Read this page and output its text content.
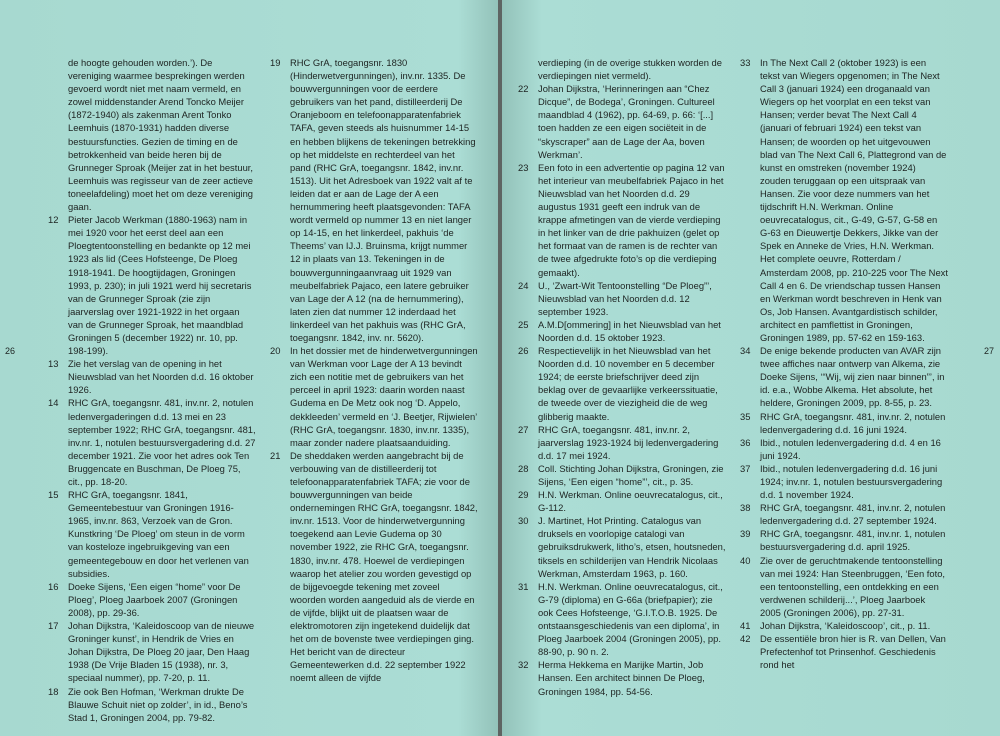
de hoogte gehouden worden.’). De vereniging waarmee besprekingen werden gevoerd wordt niet met naam vermeld, en zowel middenstander Arend Toncko Meijer (1872-1940) als zakenman Arent Tonko Leemhuis (1870-1931) hadden diverse bestuursfuncties. Gezien de timing en de betrokkenheid van beide heren bij de Grunneger Sproak (Meijer zat in het bestuur, Leemhuis was regisseur van de zeer actieve toneelafdeling) moet het om deze vereniging gaan.
12 Pieter Jacob Werkman (1880-1963) nam in mei 1920 voor het eerst deel aan een Ploegtentoonstelling en bedankte op 12 mei 1923 als lid (Cees Hofsteenge, De Ploeg 1918-1941. De hoogtijdagen, Groningen 1993, p. 230); in juli 1921 werd hij secretaris van de Grunneger Sproak (zie zijn jaarverslag over 1921-1922 in het orgaan van de Grunneger Sproak, het maandblad Groningen 5 (december 1922) nr. 10, pp. 198-199).
13 Zie het verslag van de opening in het Nieuwsblad van het Noorden d.d. 16 oktober 1926.
14 RHC GrA, toegangsnr. 481, inv.nr. 2, notulen ledenvergaderingen d.d. 13 mei en 23 september 1922; RHC GrA, toegangsnr. 481, inv.nr. 1, notulen bestuursvergadering d.d. 27 december 1921. Zie voor het adres ook Ten Bruggencate en Buschman, De Ploeg 75, cit., pp. 18-20.
15 RHC GrA, toegangsnr. 1841, Gemeentebestuur van Groningen 1916-1965, inv.nr. 863, Verzoek van de Gron. Kunstkring ‘De Ploeg’ om steun in de vorm van kosteloze ingebruikgeving van een gemeentegebouw en door het verlenen van subsidies.
16 Doeke Sijens, ‘Een eigen “home” voor De Ploeg’, Ploeg Jaarboek 2007 (Groningen 2008), pp. 29-36.
17 Johan Dijkstra, ‘Kaleidoscoop van de nieuwe Groninger kunst’, in Hendrik de Vries en Johan Dijkstra, De Ploeg 20 jaar, Den Haag 1938 (De Vrije Bladen 15 (1938), nr. 3, speciaal nummer), pp. 7-20, p. 11.
18 Zie ook Ben Hofman, ‘Werkman drukte De Blauwe Schuit niet op zolder’, in id., Beno’s Stad 1, Groningen 2004, pp. 79-82.
19 RHC GrA, toegangsnr. 1830 (Hinderwetvergunningen), inv.nr. 1335. De bouwvergunningen voor de eerdere gebruikers van het pand, distilleerderij De Oranjeboom en telefoonapparatenfabriek TAFA, geven steeds als huisnummer 14-15 en hebben blijkens de tekeningen betrekking op het middelste en rechterdeel van het pand (RHC GrA, toegangsnr. 1842, inv.nr. 1513). Uit het Adresboek van 1922 valt af te leiden dat er aan de Lage der A een hernummering heeft plaatsgevonden: TAFA wordt vermeld op nummer 13 en niet langer op 14-15, en het linkerdeel, pakhuis ‘de Theems’ van IJ.J. Bruinsma, krijgt nummer 12 in plaats van 13. Tekeningen in de bouwvergunningaanvraag uit 1929 van meubelfabriek Pajaco, een latere gebruiker van Lage der A 12 (na de hernummering), laten zien dat nummer 12 inderdaad het linkerdeel van het pakhuis was (RHC GrA, toegangsnr. 1842, inv. nr. 5620).
20 In het dossier met de hinderwetvergunningen van Werkman voor Lage der A 13 bevindt zich een notitie met de gebruikers van het perceel in april 1923: daarin worden naast Gudema en De Metz ook nog ‘D. Appelo, dekkleeden’ vermeld en ‘J. Beetjer, Rijwielen’ (RHC GrA, toegangsnr. 1830, inv.nr. 1335), maar zonder nadere plaatsaanduiding.
21 De sheddaken werden aangebracht bij de verbouwing van de distilleerderij tot telefoonapparatenfabriek TAFA; zie voor de bouwvergunningen van beide ondernemingen RHC GrA, toegangsnr. 1842, inv.nr. 1513. Voor de hinderwetvergunning toegekend aan Levie Gudema op 30 november 1922, zie RHC GrA, toegangsnr. 1830, inv.nr. 478. Hoewel de verdiepingen waarop het atelier zou worden gevestigd op de bijgevoegde tekening met zoveel woorden worden aangeduid als de vierde en de vijfde, blijkt uit de plaatsen waar de elektromotoren zijn ingetekend duidelijk dat het om de bovenste twee verdiepingen ging. Het bericht van de directeur Gemeentewerken d.d. 22 september 1922 noemt alleen de vijfde
26
verdieping (in de overige stukken worden de verdiepingen niet vermeld).
22 Johan Dijkstra, ‘Herinneringen aan “Chez Dicque”, de Bodega’, Groningen. Cultureel maandblad 4 (1962), pp. 64-69, p. 66: ‘[...] toen hadden ze een eigen sociëteit in de “skyscraper” aan de Lage der Aa, boven Werkman’.
23 Een foto in een advertentie op pagina 12 van het interieur van meubelfabriek Pajaco in het Nieuwsblad van het Noorden d.d. 29 augustus 1931 geeft een indruk van de krappe afmetingen van de vierde verdieping in het linker van de drie pakhuizen (gelet op het formaat van de ramen is de rechter van de twee afgedrukte foto’s op die verdieping gemaakt).
24 U., ‘Zwart-Wit Tentoonstelling “De Ploeg”’, Nieuwsblad van het Noorden d.d. 12 september 1923.
25 A.M.D[ommering] in het Nieuwsblad van het Noorden d.d. 15 oktober 1923.
26 Respectievelijk in het Nieuwsblad van het Noorden d.d. 10 november en 5 december 1924; de eerste briefschrijver deed zijn beklag over de gevaarlijke verkeerssituatie, de tweede over de viezigheid die de weg glibberig maakte.
27 RHC GrA, toegangsnr. 481, inv.nr. 2, jaarverslag 1923-1924 bij ledenvergadering d.d. 17 mei 1924.
28 Coll. Stichting Johan Dijkstra, Groningen, zie Sijens, ‘Een eigen “home”’, cit., p. 35.
29 H.N. Werkman. Online oeuvrecatalogus, cit., G-112.
30 J. Martinet, Hot Printing. Catalogus van druksels en voorlopige catalogi van gebruiksdrukwerk, litho’s, etsen, houtsneden, tiksels en schilderijen van Hendrik Nicolaas Werkman, Amsterdam 1963, p. 160.
31 H.N. Werkman. Online oeuvrecatalogus, cit., G-79 (diploma) en G-66a (briefpapier); zie ook Cees Hofsteenge, ‘G.I.T.O.B. 1925. De ontstaansgeschiedenis van een diploma’, in Ploeg Jaarboek 2004 (Groningen 2005), pp. 88-90, p. 90 n. 2.
32 Herma Hekkema en Marijke Martin, Job Hansen. Een architect binnen De Ploeg, Groningen 1984, pp. 54-56.
33 In The Next Call 2 (oktober 1923) is een tekst van Wiegers opgenomen; in The Next Call 3 (januari 1924) een droganaald van Wiegers op het voorplat en een tekst van Hansen; verder bevat The Next Call 4 (januari of februari 1924) een tekst van Hansen; de woorden op het uitgevouwen blad van The Next Call 6, Plattegrond van de kunst en omstreken (november 1924) zouden teruggaan op een uitspraak van Hansen. Zie voor deze nummers van het tijdschrift H.N. Werkman. Online oeuvrecatalogus, cit., G-49, G-57, G-58 en G-63 en Dieuwertje Dekkers, Jikke van der Spek en Anneke de Vries, H.N. Werkman. Het complete oeuvre, Rotterdam / Amsterdam 2008, pp. 210-225 voor The Next Call 4 en 6. De vriendschap tussen Hansen en Werkman wordt beschreven in Henk van Os, Job Hansen. Avantgardistisch schilder, architect en pamflettist in Groningen, Groningen 1989, pp. 57-62 en 159-163.
34 De enige bekende producten van AVAR zijn twee affiches naar ontwerp van Alkema, zie Doeke Sijens, ‘“Wij, wij zien naar binnen”’, in id. e.a., Wobbe Alkema. Het absolute, het heldere, Groningen 2009, pp. 8-55, p. 23.
35 RHC GrA, toegangsnr. 481, inv.nr. 2, notulen ledenvergadering d.d. 16 juni 1924.
36 Ibid., notulen ledenvergadering d.d. 4 en 16 juni 1924.
37 Ibid., notulen ledenvergadering d.d. 16 juni 1924; inv.nr. 1, notulen bestuursvergadering d.d. 1 november 1924.
38 RHC GrA, toegangsnr. 481, inv.nr. 2, notulen ledenvergadering d.d. 27 september 1924.
39 RHC GrA, toegangsnr. 481, inv.nr. 1, notulen bestuursvergadering d.d. april 1925.
40 Zie over de geruchtmakende tentoonstelling van mei 1924: Han Steenbruggen, ‘Een foto, een tentoonstelling, een ontdekking en een verdwenen schilderij...’, Ploeg Jaarboek 2005 (Groningen 2006), pp. 27-31.
41 Johan Dijkstra, ‘Kaleidoscoop’, cit., p. 11.
42 De essentiële bron hier is R. van Dellen, Van Prefectenhof tot Prinsenhof. Geschiedenis rond het
27
